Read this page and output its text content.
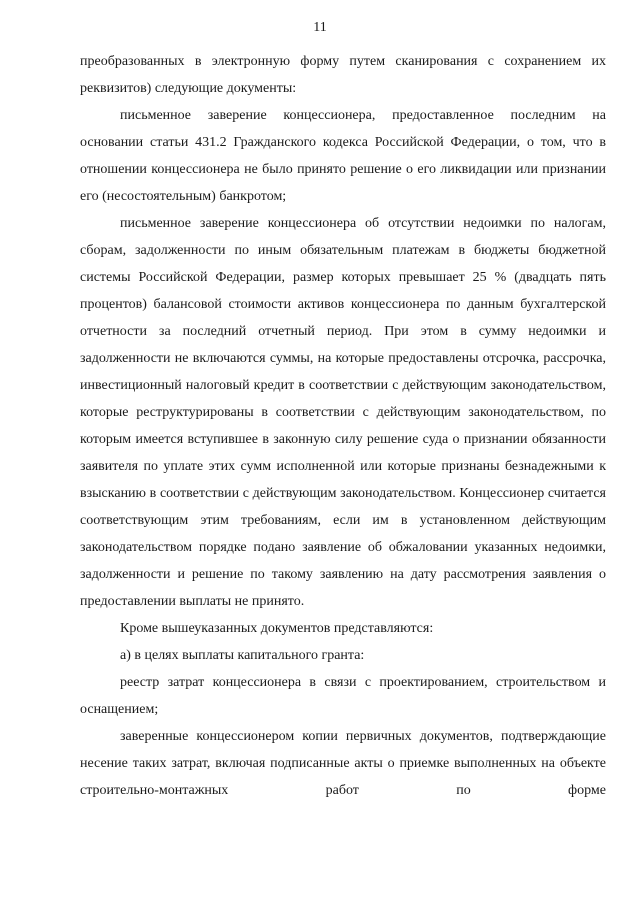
11

преобразованных в электронную форму путем сканирования с сохранением их реквизитов) следующие документы:

письменное заверение концессионера, предоставленное последним на основании статьи 431.2 Гражданского кодекса Российской Федерации, о том, что в отношении концессионера не было принято решение о его ликвидации или признании его (несостоятельным) банкротом;

письменное заверение концессионера об отсутствии недоимки по налогам, сборам, задолженности по иным обязательным платежам в бюджеты бюджетной системы Российской Федерации, размер которых превышает 25 % (двадцать пять процентов) балансовой стоимости активов концессионера по данным бухгалтерской отчетности за последний отчетный период. При этом в сумму недоимки и задолженности не включаются суммы, на которые предоставлены отсрочка, рассрочка, инвестиционный налоговый кредит в соответствии с действующим законодательством, которые реструктурированы в соответствии с действующим законодательством, по которым имеется вступившее в законную силу решение суда о признании обязанности заявителя по уплате этих сумм исполненной или которые признаны безнадежными к взысканию в соответствии с действующим законодательством. Концессионер считается соответствующим этим требованиям, если им в установленном действующим законодательством порядке подано заявление об обжаловании указанных недоимки, задолженности и решение по такому заявлению на дату рассмотрения заявления о предоставлении выплаты не принято.

Кроме вышеуказанных документов представляются:

а) в целях выплаты капитального гранта:

реестр затрат концессионера в связи с проектированием, строительством и оснащением;

заверенные концессионером копии первичных документов, подтверждающие несение таких затрат, включая подписанные акты о приемке выполненных на объекте строительно-монтажных работ по форме
